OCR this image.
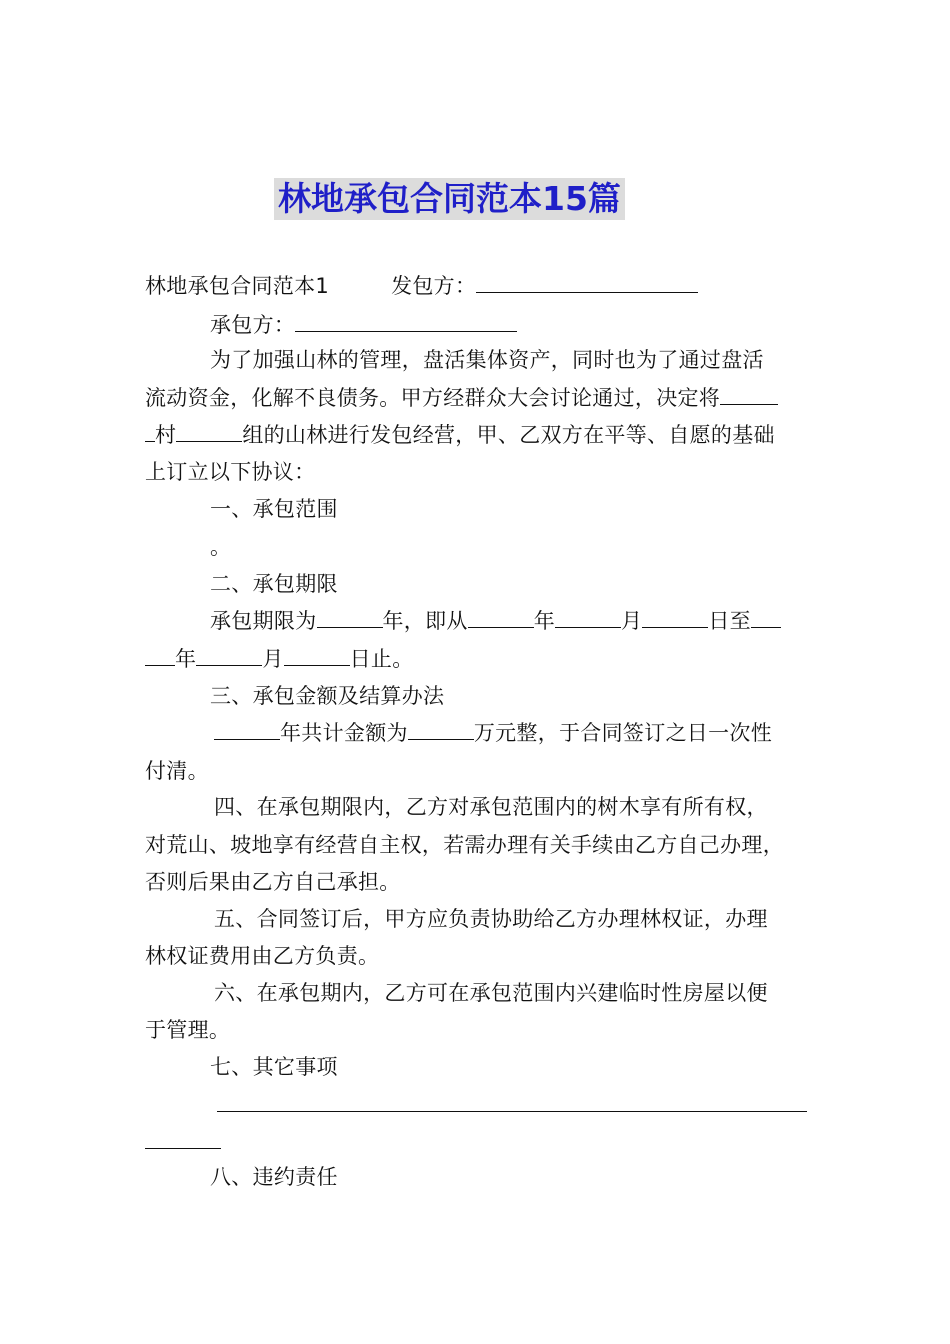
林地承包合同范本15篇
林地承包合同范本1	发包方：
承包方：
为了加强山林的管理，盘活集体资产，同时也为了通过盘活
流动资金，化解不良债务。甲方经群众大会讨论通过，决定将
村	组的山林进行发包经营，甲、乙双方在平等、自愿的基础
上订立以下协议：
一、承包范围
。
二、承包期限
承包期限为	年，即从	年	月	日至
年	月	日止。
三、承包金额及结算办法
年共计金额为	万元整，于合同签订之日一次性
付清。
四、在承包期限内，乙方对承包范围内的树木享有所有权，
对荒山、坡地享有经营自主权，若需办理有关手续由乙方自己办理，
否则后果由乙方自己承担。
五、合同签订后，甲方应负责协助给乙方办理林权证，办理
林权证费用由乙方负责。
六、在承包期内，乙方可在承包范围内兴建临时性房屋以便
于管理。
七、其它事项
八、违约责任
